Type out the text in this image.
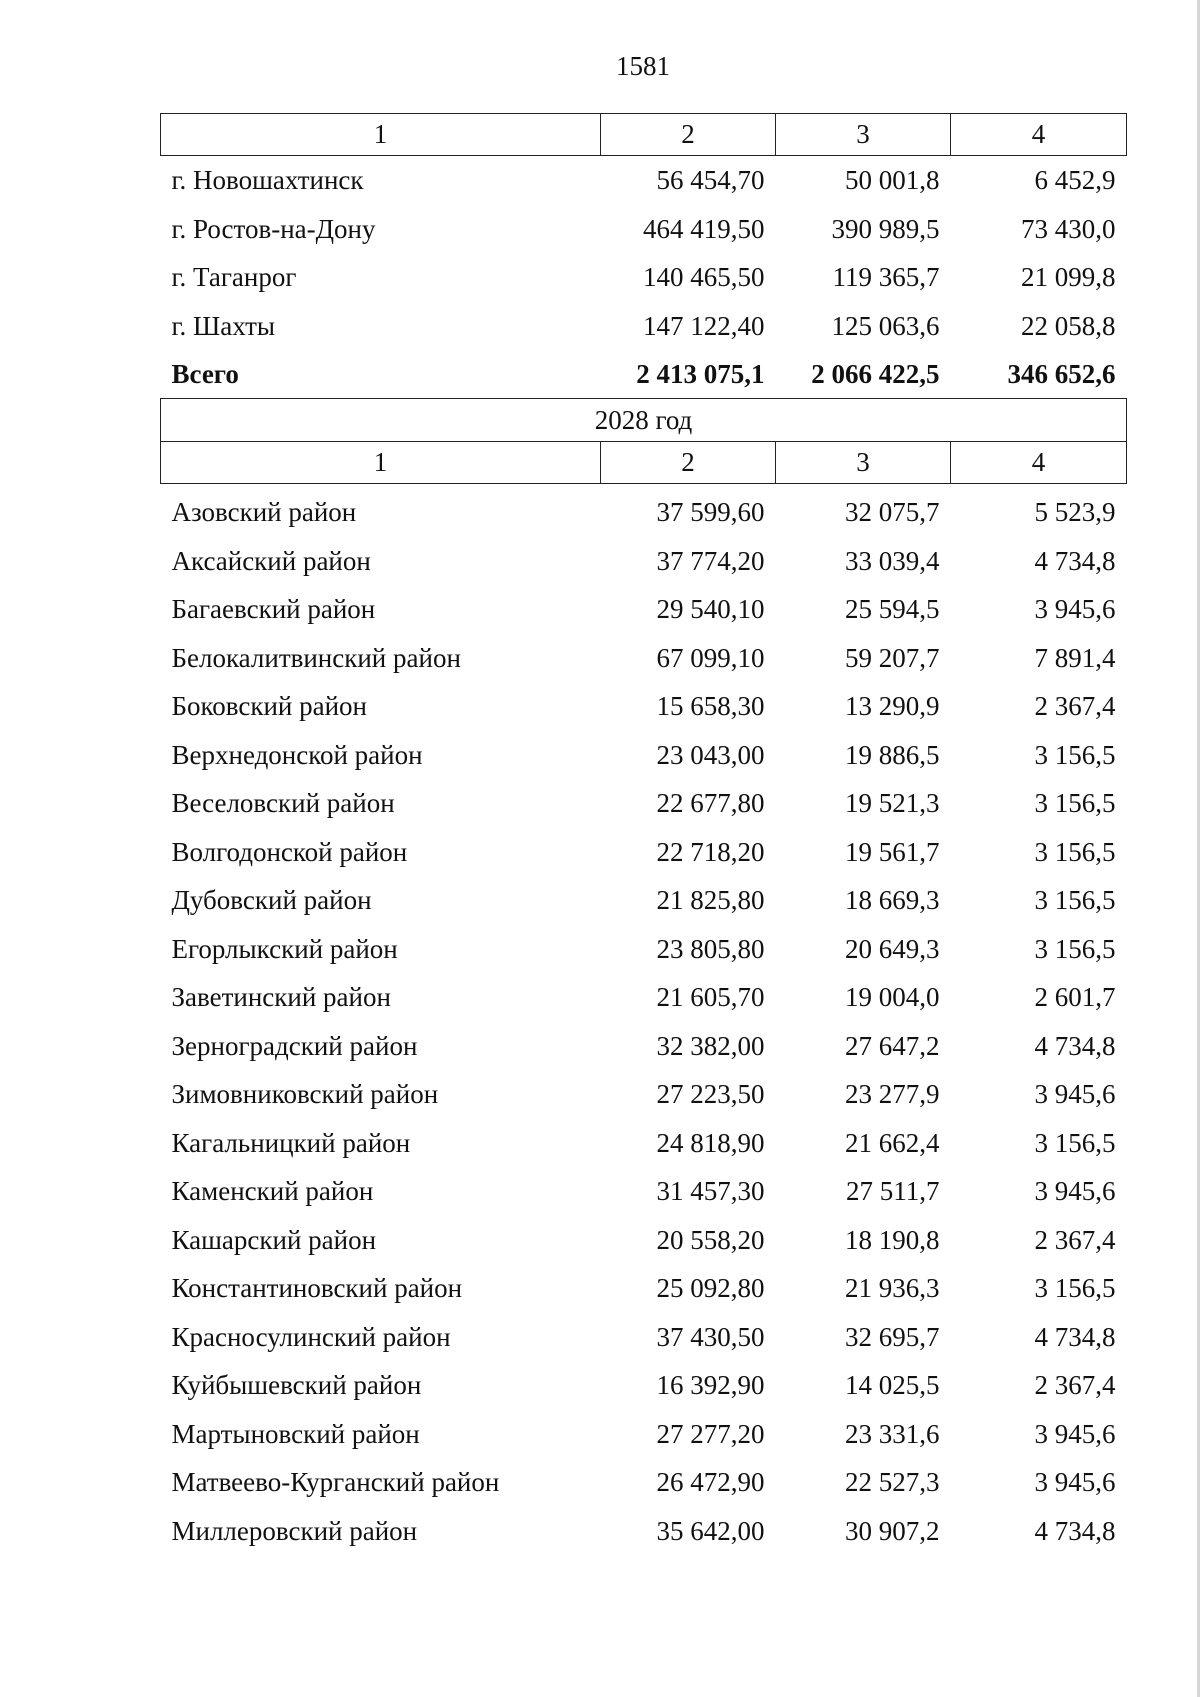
1581
1	2	3	4
г. Новошахтинск	56 454,70	50 001,8	6 452,9
г. Ростов-на-Дону	464 419,50	390 989,5	73 430,0
г. Таганрог	140 465,50	119 365,7	21 099,8
г. Шахты	147 122,40	125 063,6	22 058,8
Всего	2 413 075,1	2 066 422,5	346 652,6
2028 год			
1	2	3	4

Азовский район	37 599,60	32 075,7	5 523,9
Аксайский район	37 774,20	33 039,4	4 734,8
Багаевский район	29 540,10	25 594,5	3 945,6
Белокалитвинский район	67 099,10	59 207,7	7 891,4
Боковский район	15 658,30	13 290,9	2 367,4
Верхнедонской район	23 043,00	19 886,5	3 156,5
Веселовский район	22 677,80	19 521,3	3 156,5
Волгодонской район	22 718,20	19 561,7	3 156,5
Дубовский район	21 825,80	18 669,3	3 156,5
Егорлыкский район	23 805,80	20 649,3	3 156,5
Заветинский район	21 605,70	19 004,0	2 601,7
Зерноградский район	32 382,00	27 647,2	4 734,8
Зимовниковский район	27 223,50	23 277,9	3 945,6
Кагальницкий район	24 818,90	21 662,4	3 156,5
Каменский район	31 457,30	27 511,7	3 945,6
Кашарский район	20 558,20	18 190,8	2 367,4
Константиновский район	25 092,80	21 936,3	3 156,5
Красносулинский район	37 430,50	32 695,7	4 734,8
Куйбышевский район	16 392,90	14 025,5	2 367,4
Мартыновский район	27 277,20	23 331,6	3 945,6
Матвеево-Курганский район	26 472,90	22 527,3	3 945,6
Миллеровский район	35 642,00	30 907,2	4 734,8
